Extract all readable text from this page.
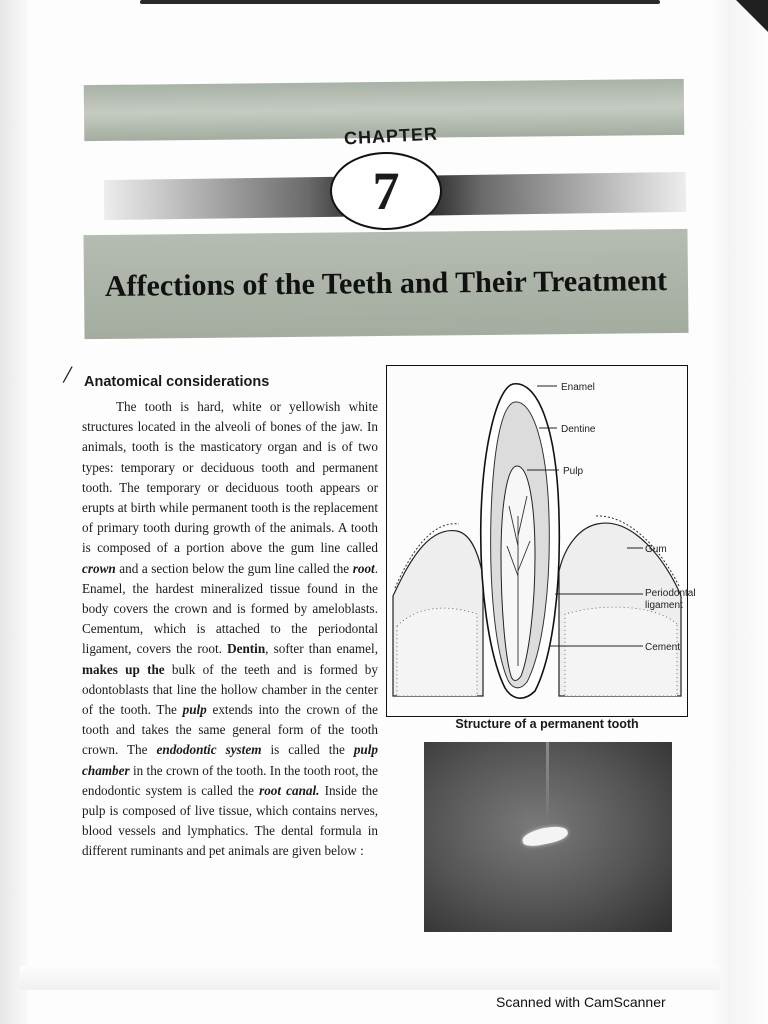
CHAPTER
7
Affections of the Teeth and Their Treatment
/ Anatomical considerations
The tooth is hard, white or yellowish white structures located in the alveoli of bones of the jaw. In animals, tooth is the masticatory organ and is of two types: temporary or deciduous tooth and permanent tooth. The temporary or deciduous tooth appears or erupts at birth while permanent tooth is the replacement of primary tooth during growth of the animals. A tooth is composed of a portion above the gum line called crown and a section below the gum line called the root. Enamel, the hardest mineralized tissue found in the body covers the crown and is formed by ameloblasts. Cementum, which is attached to the periodontal ligament, covers the root. Dentin, softer than enamel, makes up the bulk of the teeth and is formed by odontoblasts that line the hollow chamber in the center of the tooth. The pulp extends into the crown of the tooth and takes the same general form of the tooth crown. The endodontic system is called the pulp chamber in the crown of the tooth. In the tooth root, the endodontic system is called the root canal. Inside the pulp is composed of live tissue, which contains nerves, blood vessels and lymphatics. The dental formula in different ruminants and pet animals are given below :
Enamel
Dentine
Pulp
Gum
Periodontal
ligament
Cement
Structure of a permanent tooth
Scanned with CamScanner
